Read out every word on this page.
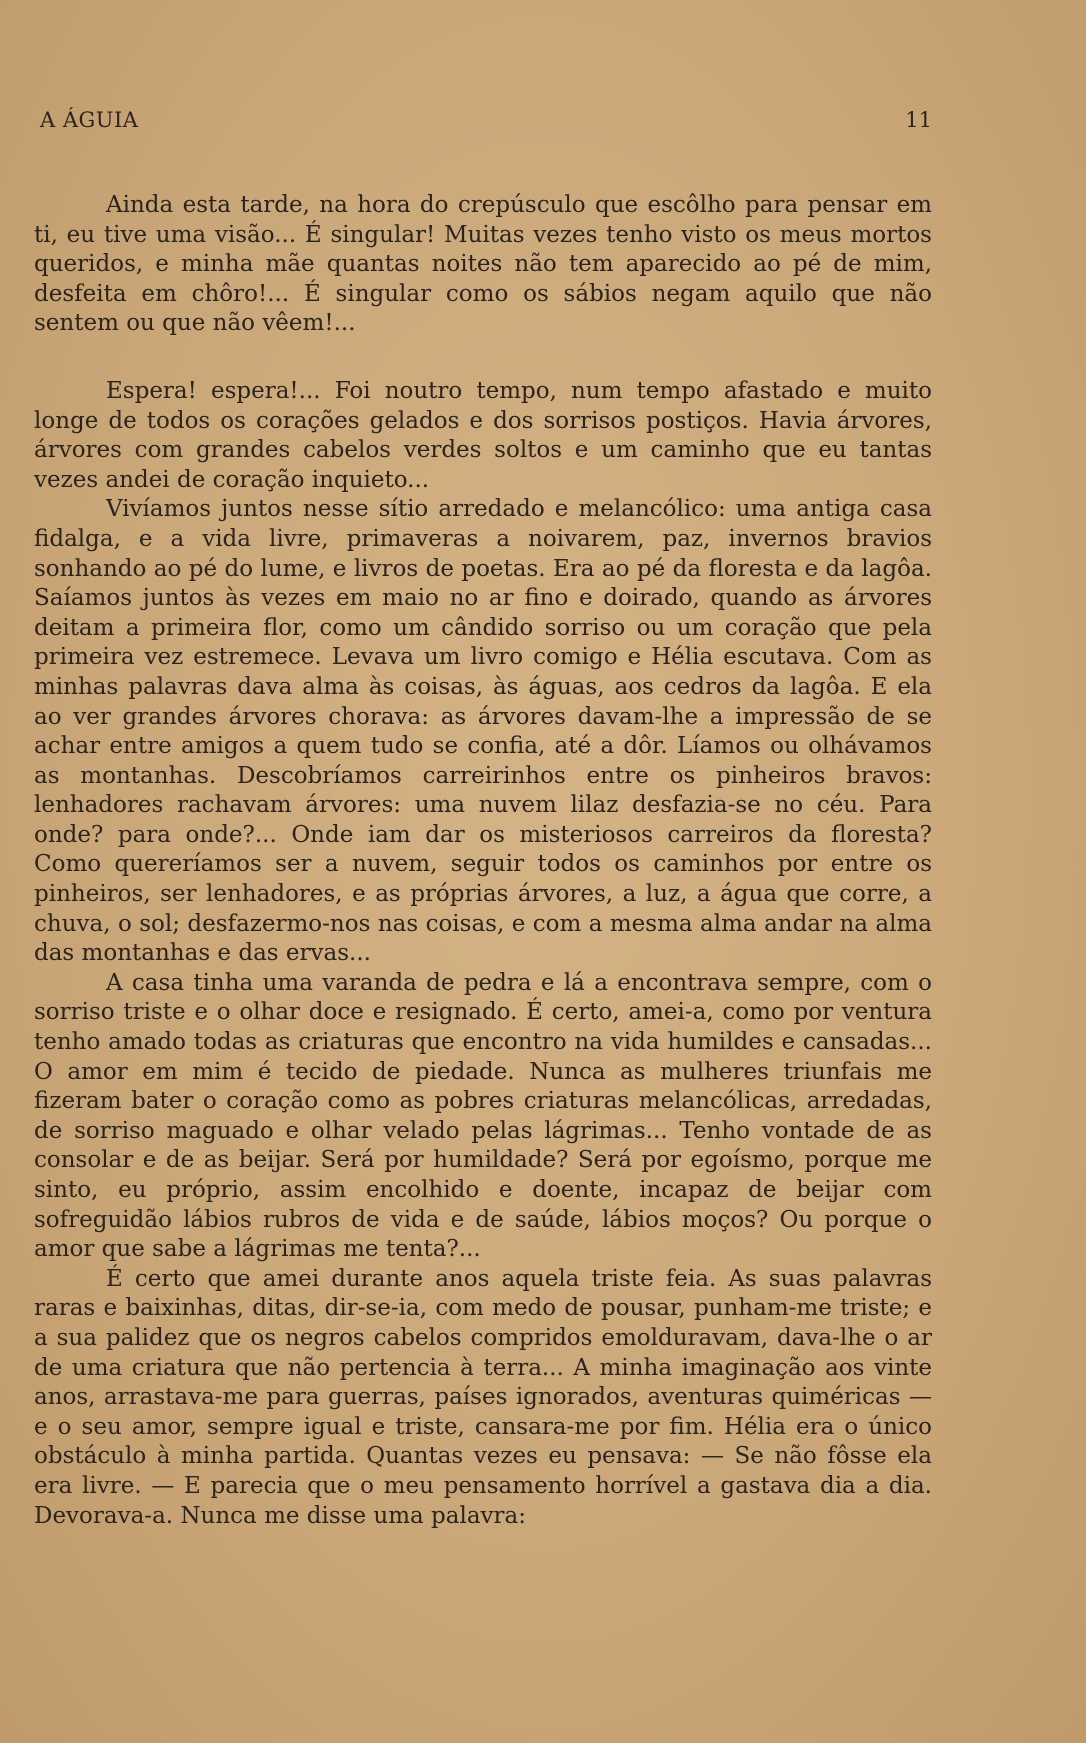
A ÁGUIA	11

Ainda esta tarde, na hora do crepúsculo que escôlho para pensar em ti, eu tive uma visão... É singular! Muitas vezes tenho visto os meus mortos queridos, e minha mãe quantas noites não tem aparecido ao pé de mim, desfeita em chôro!... É singular como os sábios negam aquilo que não sentem ou que não vêem!...

Espera! espera!... Foi noutro tempo, num tempo afastado e muito longe de todos os corações gelados e dos sorrisos postiços. Havia árvores, árvores com grandes cabelos verdes soltos e um caminho que eu tantas vezes andei de coração inquieto...

Vivíamos juntos nesse sítio arredado e melancólico: uma antiga casa fidalga, e a vida livre, primaveras a noivarem, paz, invernos bravios sonhando ao pé do lume, e livros de poetas. Era ao pé da floresta e da lagôa. Saíamos juntos às vezes em maio no ar fino e doirado, quando as árvores deitam a primeira flor, como um cândido sorriso ou um coração que pela primeira vez estremece. Levava um livro comigo e Hélia escutava. Com as minhas palavras dava alma às coisas, às águas, aos cedros da lagôa. E ela ao ver grandes árvores chorava: as árvores davam-lhe a impressão de se achar entre amigos a quem tudo se confia, até a dôr. Líamos ou olhávamos as montanhas. Descobríamos carreirinhos entre os pinheiros bravos: lenhadores rachavam árvores: uma nuvem lilaz desfazia-se no céu. Para onde? para onde?... Onde iam dar os misteriosos carreiros da floresta? Como quereríamos ser a nuvem, seguir todos os caminhos por entre os pinheiros, ser lenhadores, e as próprias árvores, a luz, a água que corre, a chuva, o sol; desfazermo-nos nas coisas, e com a mesma alma andar na alma das montanhas e das ervas...

A casa tinha uma varanda de pedra e lá a encontrava sempre, com o sorriso triste e o olhar doce e resignado. É certo, amei-a, como por ventura tenho amado todas as criaturas que encontro na vida humildes e cansadas... O amor em mim é tecido de piedade. Nunca as mulheres triunfais me fizeram bater o coração como as pobres criaturas melancólicas, arredadas, de sorriso maguado e olhar velado pelas lágrimas... Tenho vontade de as consolar e de as beijar. Será por humildade? Será por egoísmo, porque me sinto, eu próprio, assim encolhido e doente, incapaz de beijar com sofreguidão lábios rubros de vida e de saúde, lábios moços? Ou porque o amor que sabe a lágrimas me tenta?...

É certo que amei durante anos aquela triste feia. As suas palavras raras e baixinhas, ditas, dir-se-ia, com medo de pousar, punham-me triste; e a sua palidez que os negros cabelos compridos emolduravam, dava-lhe o ar de uma criatura que não pertencia à terra... A minha imaginação aos vinte anos, arrastava-me para guerras, países ignorados, aventuras quiméricas — e o seu amor, sempre igual e triste, cansara-me por fim. Hélia era o único obstáculo à minha partida. Quantas vezes eu pensava: — Se não fôsse ela era livre. — E parecia que o meu pensamento horrível a gastava dia a dia. Devorava-a. Nunca me disse uma palavra:
